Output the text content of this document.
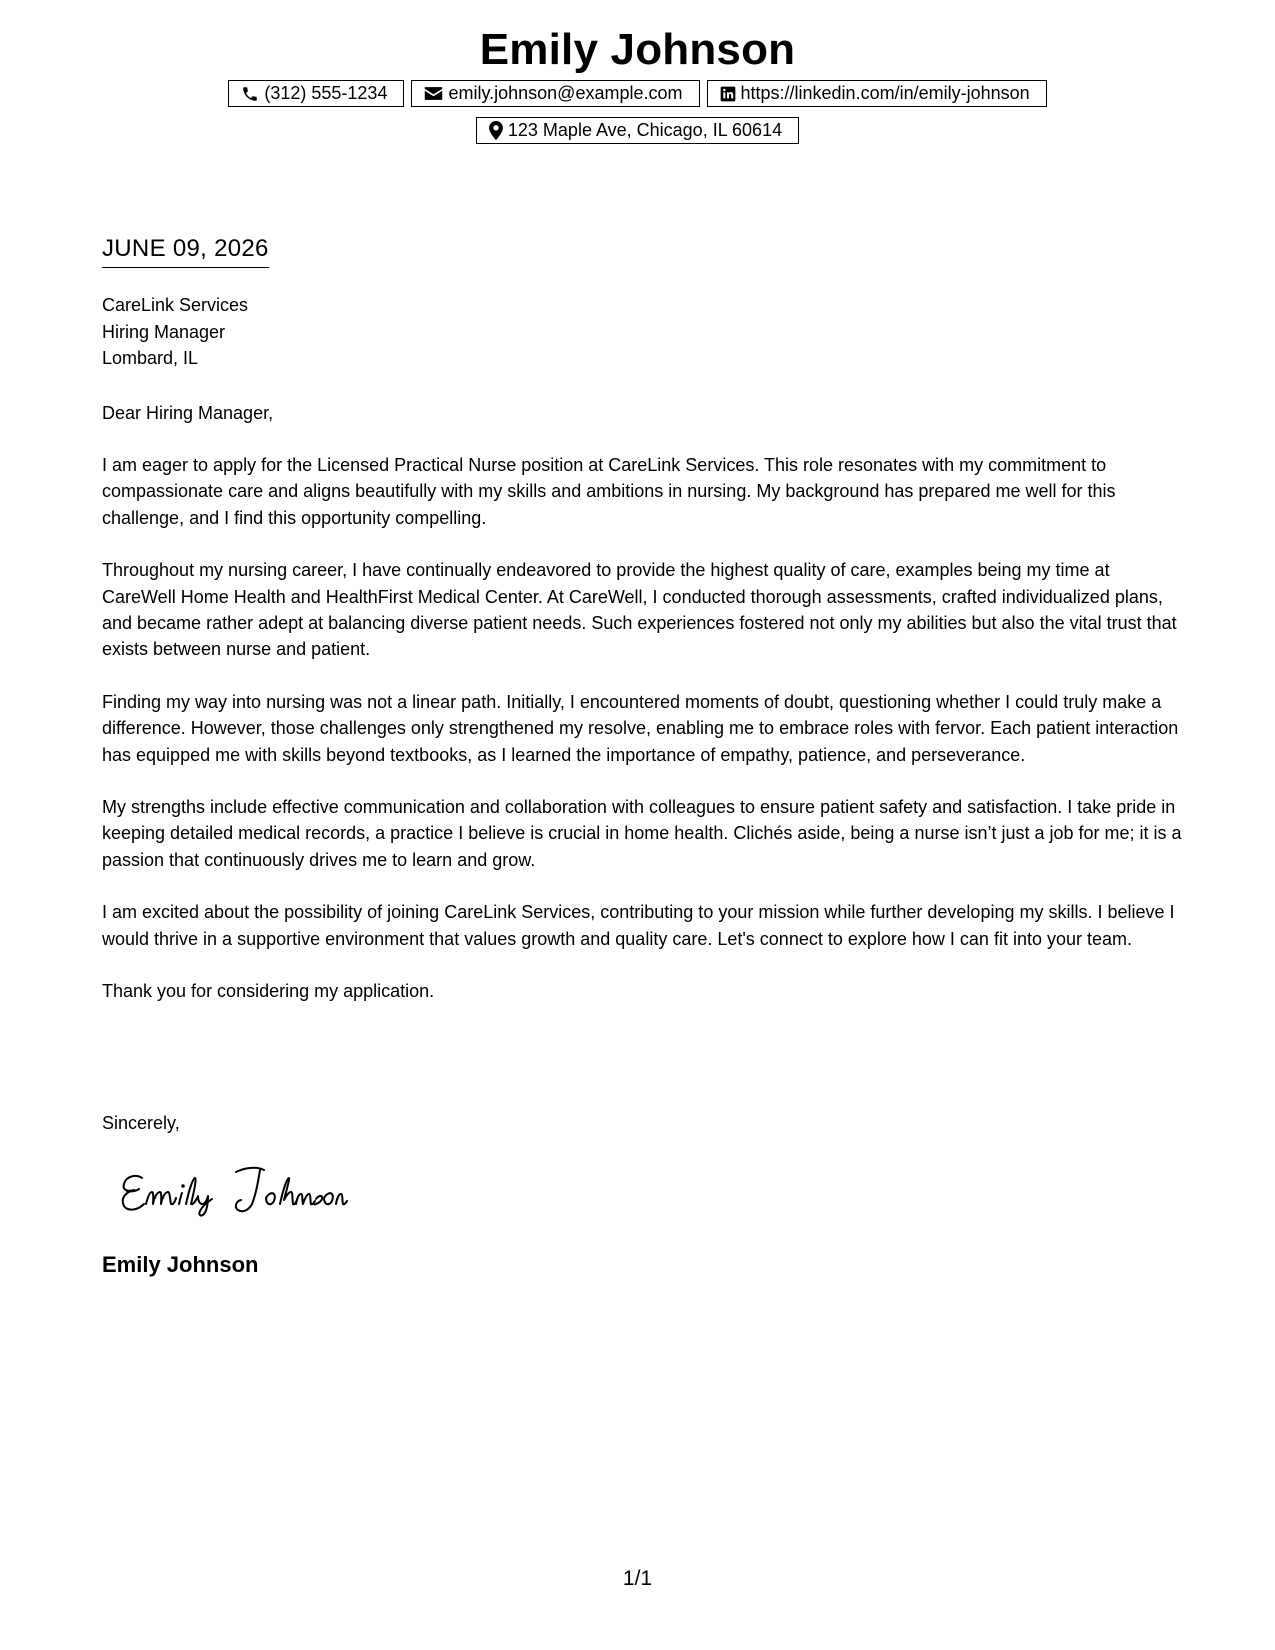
Emily Johnson
(312) 555-1234	emily.johnson@example.com	https://linkedin.com/in/emily-johnson
123 Maple Ave, Chicago, IL 60614
JUNE 09, 2026
CareLink Services
Hiring Manager
Lombard, IL
Dear Hiring Manager,

I am eager to apply for the Licensed Practical Nurse position at CareLink Services. This role resonates with my commitment to compassionate care and aligns beautifully with my skills and ambitions in nursing. My background has prepared me well for this challenge, and I find this opportunity compelling.

Throughout my nursing career, I have continually endeavored to provide the highest quality of care, examples being my time at CareWell Home Health and HealthFirst Medical Center. At CareWell, I conducted thorough assessments, crafted individualized plans, and became rather adept at balancing diverse patient needs. Such experiences fostered not only my abilities but also the vital trust that exists between nurse and patient.

Finding my way into nursing was not a linear path. Initially, I encountered moments of doubt, questioning whether I could truly make a difference. However, those challenges only strengthened my resolve, enabling me to embrace roles with fervor. Each patient interaction has equipped me with skills beyond textbooks, as I learned the importance of empathy, patience, and perseverance.

My strengths include effective communication and collaboration with colleagues to ensure patient safety and satisfaction. I take pride in keeping detailed medical records, a practice I believe is crucial in home health. Clichés aside, being a nurse isn’t just a job for me; it is a passion that continuously drives me to learn and grow.

I am excited about the possibility of joining CareLink Services, contributing to your mission while further developing my skills. I believe I would thrive in a supportive environment that values growth and quality care. Let's connect to explore how I can fit into your team.

Thank you for considering my application.

Sincerely,
Emily Johnson
1/1
